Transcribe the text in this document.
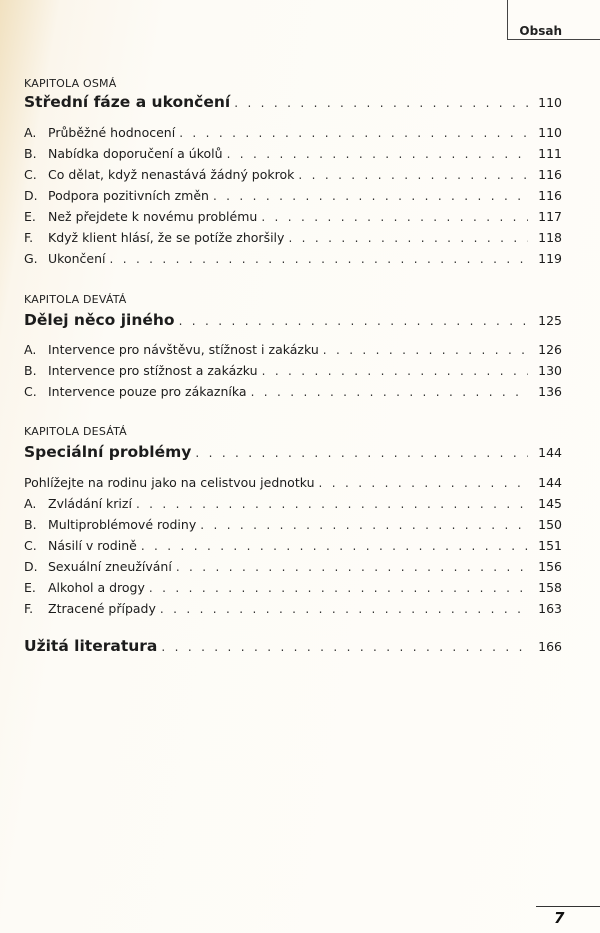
Obsah
KAPITOLA OSMÁ
Střední fáze a ukončení . . .	110
A. Průběžné hodnocení . . .	110
B. Nabídka doporučení a úkolů . . .	111
C. Co dělat, když nenastává žádný pokrok . . .	116
D. Podpora pozitivních změn . . .	116
E. Než přejdete k novému problému . . .	117
F.	Když klient hlásí, že se potíže zhoršily . . .	118
G. Ukončení . . .	119
KAPITOLA DEVÁTÁ
Dělej něco jiného . . .	125
A. Intervence pro návštěvu, stížnost i zakázku . . .	126
B. Intervence pro stížnost a zakázku . . .	130
C. Intervence pouze pro zákazníka . . .	136
KAPITOLA DESÁTÁ
Speciální problémy . . .	144
Pohlížejte na rodinu jako na celistvou jednotku . . .	144
A. Zvládání krizí . . .	145
B. Multiproblémové rodiny . . .	150
C. Násilí v rodině . . .	151
D. Sexuální zneužívání . . .	156
E. Alkohol a drogy . . .	158
F.	Ztracené případy . . .	163
Užitá literatura . . .	166
7
